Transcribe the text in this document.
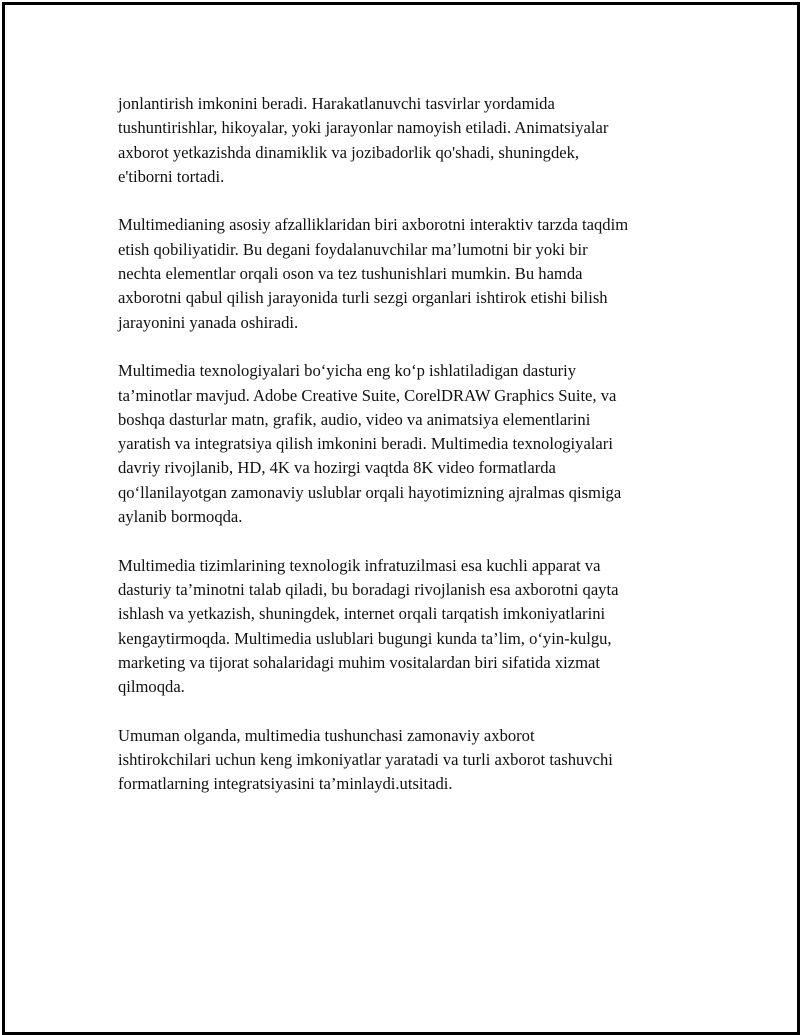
jonlantirish imkonini beradi. Harakatlanuvchi tasvirlar yordamida
tushuntirishlar, hikoyalar, yoki jarayonlar namoyish etiladi. Animatsiyalar
axborot yetkazishda dinamiklik va jozibadorlik qo'shadi, shuningdek,
e'tiborni tortadi.

Multimedianing asosiy afzalliklaridan biri axborotni interaktiv tarzda taqdim
etish qobiliyatidir. Bu degani foydalanuvchilar ma’lumotni bir yoki bir
nechta elementlar orqali oson va tez tushunishlari mumkin. Bu hamda
axborotni qabul qilish jarayonida turli sezgi organlari ishtirok etishi bilish
jarayonini yanada oshiradi.

Multimedia texnologiyalari bo‘yicha eng ko‘p ishlatiladigan dasturiy
ta’minotlar mavjud. Adobe Creative Suite, CorelDRAW Graphics Suite, va
boshqa dasturlar matn, grafik, audio, video va animatsiya elementlarini
yaratish va integratsiya qilish imkonini beradi. Multimedia texnologiyalari
davriy rivojlanib, HD, 4K va hozirgi vaqtda 8K video formatlarda
qo‘llanilayotgan zamonaviy uslublar orqali hayotimizning ajralmas qismiga
aylanib bormoqda.

Multimedia tizimlarining texnologik infratuzilmasi esa kuchli apparat va
dasturiy ta’minotni talab qiladi, bu boradagi rivojlanish esa axborotni qayta
ishlash va yetkazish, shuningdek, internet orqali tarqatish imkoniyatlarini
kengaytirmoqda. Multimedia uslublari bugungi kunda ta’lim, o‘yin-kulgu,
marketing va tijorat sohalaridagi muhim vositalardan biri sifatida xizmat
qilmoqda.

Umuman olganda, multimedia tushunchasi zamonaviy axborot
ishtirokchilari uchun keng imkoniyatlar yaratadi va turli axborot tashuvchi
formatlarning integratsiyasini ta’minlaydi.utsitadi.
